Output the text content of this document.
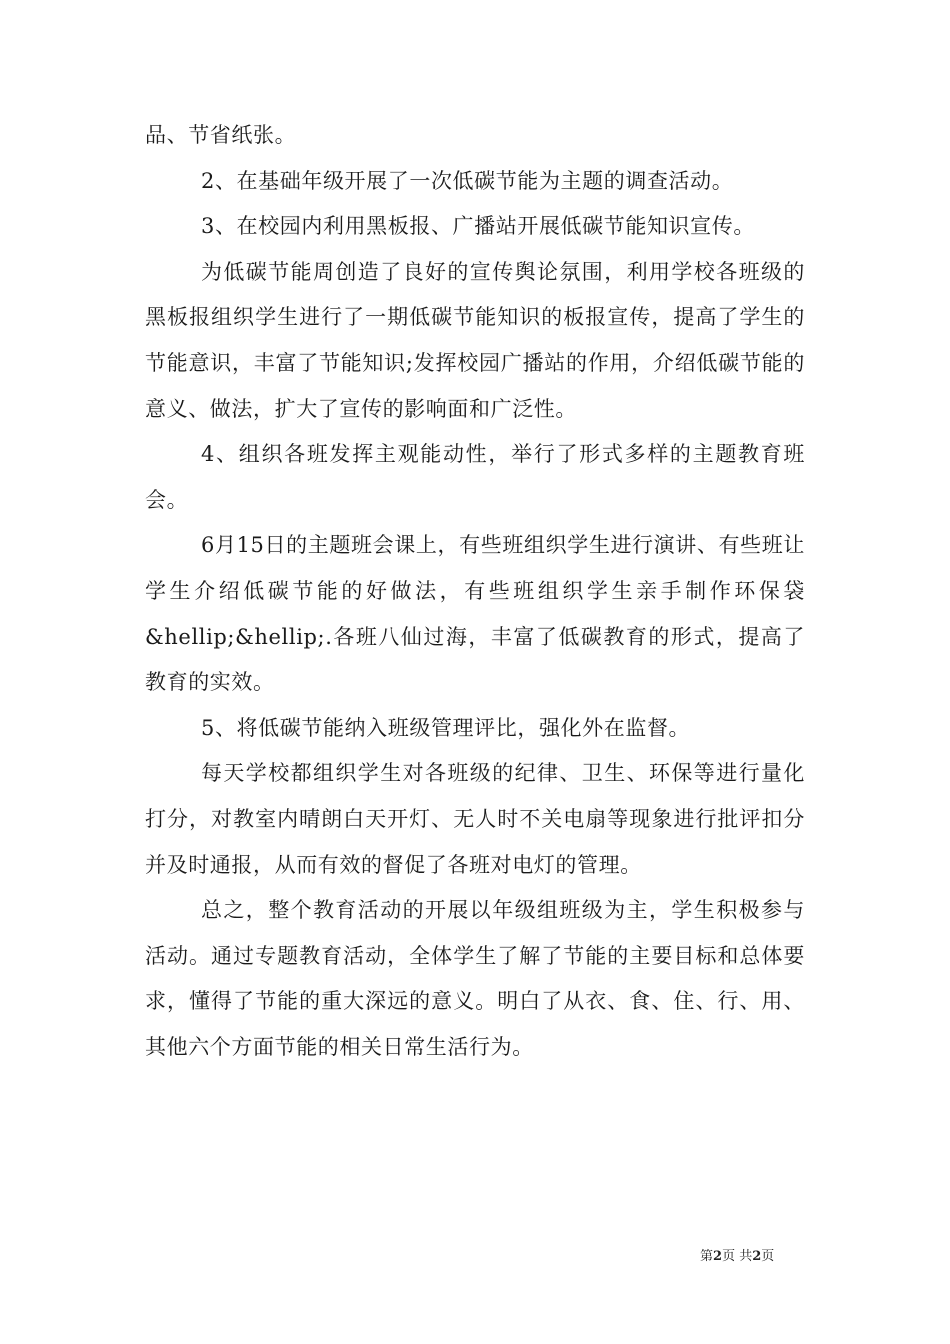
品、节省纸张。

2、在基础年级开展了一次低碳节能为主题的调查活动。

3、在校园内利用黑板报、广播站开展低碳节能知识宣传。

为低碳节能周创造了良好的宣传舆论氛围，利用学校各班级的黑板报组织学生进行了一期低碳节能知识的板报宣传，提高了学生的节能意识，丰富了节能知识;发挥校园广播站的作用，介绍低碳节能的意义、做法，扩大了宣传的影响面和广泛性。

4、组织各班发挥主观能动性，举行了形式多样的主题教育班会。

6月15日的主题班会课上，有些班组织学生进行演讲、有些班让学生介绍低碳节能的好做法，有些班组织学生亲手制作环保袋&hellip;&hellip;.各班八仙过海，丰富了低碳教育的形式，提高了教育的实效。

5、将低碳节能纳入班级管理评比，强化外在监督。

每天学校都组织学生对各班级的纪律、卫生、环保等进行量化打分，对教室内晴朗白天开灯、无人时不关电扇等现象进行批评扣分并及时通报，从而有效的督促了各班对电灯的管理。

总之，整个教育活动的开展以年级组班级为主，学生积极参与活动。通过专题教育活动，全体学生了解了节能的主要目标和总体要求，懂得了节能的重大深远的意义。明白了从衣、食、住、行、用、其他六个方面节能的相关日常生活行为。

第2页 共2页
